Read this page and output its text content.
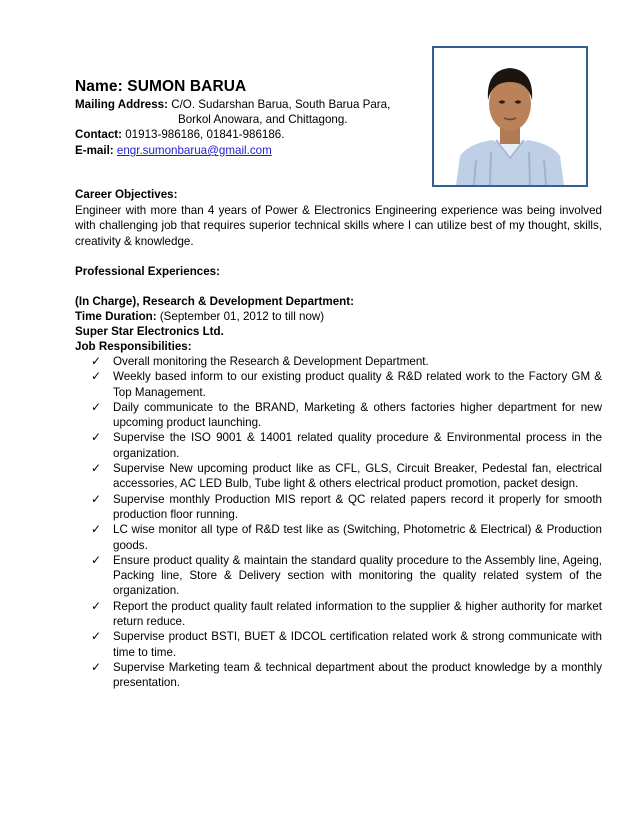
Name: SUMON BARUA
Mailing Address: C/O. Sudarshan Barua, South Barua Para,
Borkol Anowara, and Chittagong.
Contact: 01913-986186, 01841-986186.
E-mail: engr.sumonbarua@gmail.com
Career Objectives:
Engineer with more than 4 years of Power & Electronics Engineering experience was being involved with challenging job that requires superior technical skills where I can utilize best of my thought, skills, creativity & knowledge.
Professional Experiences:
(In Charge), Research & Development Department:
Time Duration: (September 01, 2012 to till now)
Super Star Electronics Ltd.
Job Responsibilities:
✓ Overall monitoring the Research & Development Department.
✓ Weekly based inform to our existing product quality & R&D related work to the Factory GM & Top Management.
✓ Daily communicate to the BRAND, Marketing & others factories higher department for new upcoming product launching.
✓ Supervise the ISO 9001 & 14001 related quality procedure & Environmental process in the organization.
✓ Supervise New upcoming product like as CFL, GLS, Circuit Breaker, Pedestal fan, electrical accessories, AC LED Bulb, Tube light & others electrical product promotion, packet design.
✓ Supervise monthly Production MIS report & QC related papers record it properly for smooth production floor running.
✓ LC wise monitor all type of R&D test like as (Switching, Photometric & Electrical) & Production goods.
✓ Ensure product quality & maintain the standard quality procedure to the Assembly line, Ageing, Packing line, Store & Delivery section with monitoring the quality related system of the organization.
✓ Report the product quality fault related information to the supplier & higher authority for market return reduce.
✓ Supervise product BSTI, BUET & IDCOL certification related work & strong communicate with time to time.
✓ Supervise Marketing team & technical department about the product knowledge by a monthly presentation.
